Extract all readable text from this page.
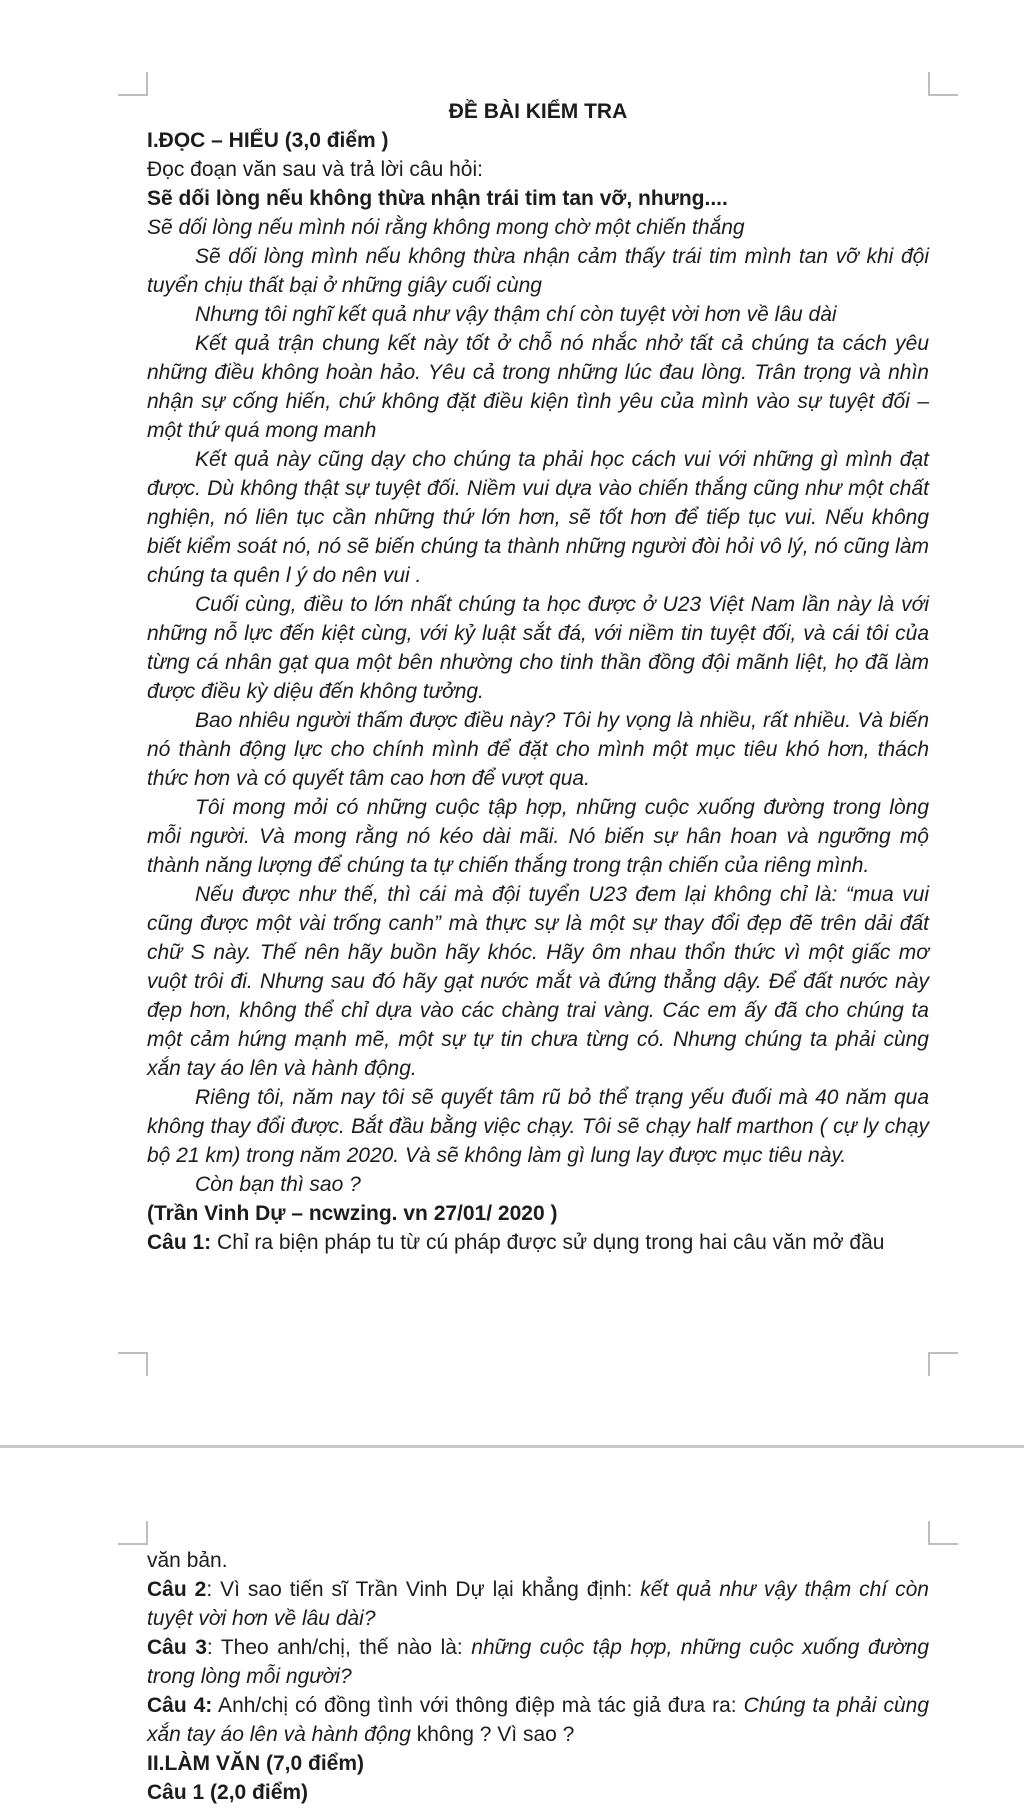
ĐỀ BÀI KIỂM TRA

I.ĐỌC – HIỂU (3,0 điểm )

Đọc đoạn văn sau và trả lời câu hỏi:

Sẽ dối lòng nếu không thừa nhận trái tim tan vỡ, nhưng....

Sẽ dối lòng nếu mình nói rằng không mong chờ một chiến thắng

Sẽ dối lòng mình nếu không thừa nhận cảm thấy trái tim mình tan vỡ khi đội tuyển chịu thất bại ở những giây cuối cùng

Nhưng tôi nghĩ kết quả như vậy thậm chí còn tuyệt vời hơn về lâu dài

Kết quả trận chung kết này tốt ở chỗ nó nhắc nhở tất cả chúng ta cách yêu những điều không hoàn hảo. Yêu cả trong những lúc đau lòng. Trân trọng và nhìn nhận sự cống hiến, chứ không đặt điều kiện tình yêu của mình vào sự tuyệt đối – một thứ quá mong manh

Kết quả này cũng dạy cho chúng ta phải học cách vui với những gì mình đạt được. Dù không thật sự tuyệt đối. Niềm vui dựa vào chiến thắng cũng như một chất nghiện, nó liên tục cần những thứ lớn hơn, sẽ tốt hơn để tiếp tục vui. Nếu không biết kiểm soát nó, nó sẽ biến chúng ta thành những người đòi hỏi vô lý, nó cũng làm chúng ta quên l ý do nên vui .

Cuối cùng, điều to lớn nhất chúng ta học được ở U23 Việt Nam lần này là với những nỗ lực đến kiệt cùng, với kỷ luật sắt đá, với niềm tin tuyệt đối, và cái tôi của từng cá nhân gạt qua một bên nhường cho tinh thần đồng đội mãnh liệt, họ đã làm được điều kỳ diệu đến không tưởng.

Bao nhiêu người thấm được điều này? Tôi hy vọng là nhiều, rất nhiều. Và biến nó thành động lực cho chính mình để đặt cho mình một mục tiêu khó hơn, thách thức hơn và có quyết tâm cao hơn để vượt qua.

Tôi mong mỏi có những cuộc tập hợp, những cuộc xuống đường trong lòng mỗi người. Và mong rằng nó kéo dài mãi. Nó biến sự hân hoan và ngưỡng mộ thành năng lượng để chúng ta tự chiến thắng trong trận chiến của riêng mình.

Nếu được như thế, thì cái mà đội tuyển U23 đem lại không chỉ là: “mua vui cũng được một vài trống canh” mà thực sự là một sự thay đổi đẹp đẽ trên dải đất chữ S này. Thế nên hãy buồn hãy khóc. Hãy ôm nhau thổn thức vì một giấc mơ vuột trôi đi. Nhưng sau đó hãy gạt nước mắt và đứng thẳng dậy. Để đất nước này đẹp hơn, không thể chỉ dựa vào các chàng trai vàng. Các em ấy đã cho chúng ta một cảm hứng mạnh mẽ, một sự tự tin chưa từng có. Nhưng chúng ta phải cùng xắn tay áo lên và hành động.

Riêng tôi, năm nay tôi sẽ quyết tâm rũ bỏ thể trạng yếu đuối mà 40 năm qua không thay đổi được. Bắt đầu bằng việc chạy. Tôi sẽ chạy half marthon ( cự ly chạy bộ 21 km) trong năm 2020. Và sẽ không làm gì lung lay được mục tiêu này.

Còn bạn thì sao ?

(Trần Vinh Dự – ncwzing. vn 27/01/ 2020 )

Câu 1: Chỉ ra biện pháp tu từ cú pháp được sử dụng trong hai câu văn mở đầu

văn bản.

Câu 2: Vì sao tiến sĩ Trần Vinh Dự lại khẳng định: kết quả như vậy thậm chí còn tuyệt vời hơn về lâu dài?

Câu 3: Theo anh/chị, thế nào là: những cuộc tập hợp, những cuộc xuống đường trong lòng mỗi người?

Câu 4: Anh/chị có đồng tình với thông điệp mà tác giả đưa ra: Chúng ta phải cùng xắn tay áo lên và hành động không ? Vì sao ?

II.LÀM VĂN (7,0 điểm)

Câu 1 (2,0 điểm)
